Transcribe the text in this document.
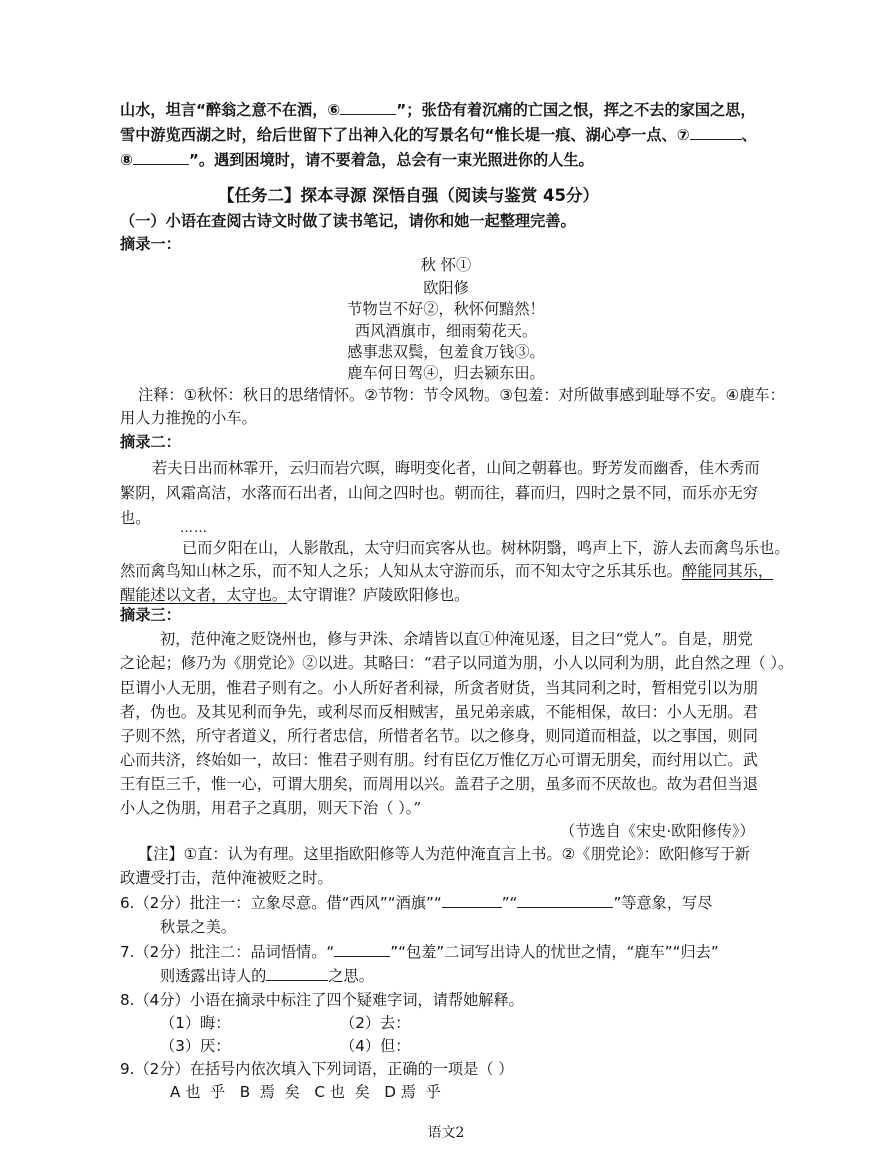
山水，坦言“醉翁之意不在酒，⑥	”；张岱有着沉痛的亡国之恨，挥之不去的家国之思，
雪中游览西湖之时，给后世留下了出神入化的写景名句“惟长堤一痕、湖心亭一点、⑦	、
⑧	”。遇到困境时，请不要着急，总会有一束光照进你的人生。
【任务二】探本寻源 深悟自强（阅读与鉴赏 45分）
（一）小语在查阅古诗文时做了读书笔记，请你和她一起整理完善。
摘录一：
秋 怀①
欧阳修
节物岂不好②，秋怀何黯然！
西风酒旗市，细雨菊花天。
感事悲双鬓，包羞食万钱③。
鹿车何日驾④，归去颍东田。
注释：①秋怀：秋日的思绪情怀。②节物：节令风物。③包羞：对所做事感到耻辱不安。④鹿车：
用人力推挽的小车。
摘录二：
若夫日出而林霏开，云归而岩穴暝，晦明变化者，山间之朝暮也。野芳发而幽香，佳木秀而
繁阴，风霜高洁，水落而石出者，山间之四时也。朝而往，暮而归，四时之景不同，而乐亦无穷
也。
……
已而夕阳在山，人影散乱，太守归而宾客从也。树林阴翳，鸣声上下，游人去而禽鸟乐也。
然而禽鸟知山林之乐，而不知人之乐；人知从太守游而乐，而不知太守之乐其乐也。醉能同其乐，
醒能述以文者，太守也。太守谓谁？庐陵欧阳修也。
摘录三：
初，范仲淹之贬饶州也，修与尹洙、余靖皆以直①仲淹见逐，目之曰“党人”。自是，朋党
之论起；修乃为《朋党论》②以进。其略曰：“君子以同道为朋，小人以同利为朋，此自然之理（ ）。
臣谓小人无朋，惟君子则有之。小人所好者利禄，所贪者财货，当其同利之时，暂相党引以为朋
者，伪也。及其见利而争先，或利尽而反相贼害，虽兄弟亲戚，不能相保，故曰：小人无朋。君
子则不然，所守者道义，所行者忠信，所惜者名节。以之修身，则同道而相益，以之事国，则同
心而共济，终始如一，故曰：惟君子则有朋。纣有臣亿万惟亿万心可谓无朋矣，而纣用以亡。武
王有臣三千，惟一心，可谓大朋矣，而周用以兴。盖君子之朋，虽多而不厌故也。故为君但当退
小人之伪朋，用君子之真朋，则天下治（ ）。”
（节选自《宋史·欧阳修传》）
【注】①直：认为有理。这里指欧阳修等人为范仲淹直言上书。②《朋党论》：欧阳修写于新
政遭受打击，范仲淹被贬之时。
6.（2分）批注一：立象尽意。借“西风”“酒旗”“	”“	”等意象，写尽
秋景之美。
7.（2分）批注二：品词悟情。“	”“包羞”二词写出诗人的忧世之情，“鹿车”“归去”
则透露出诗人的	之思。
8.（4分）小语在摘录中标注了四个疑难字词，请帮她解释。
（1）晦：	（2）去：
（3）厌：	（4）但：
9.（2分）在括号内依次填入下列词语，正确的一项是（ ）
A 也  乎   B  焉  矣   C 也  矣   D 焉  乎
语文2
